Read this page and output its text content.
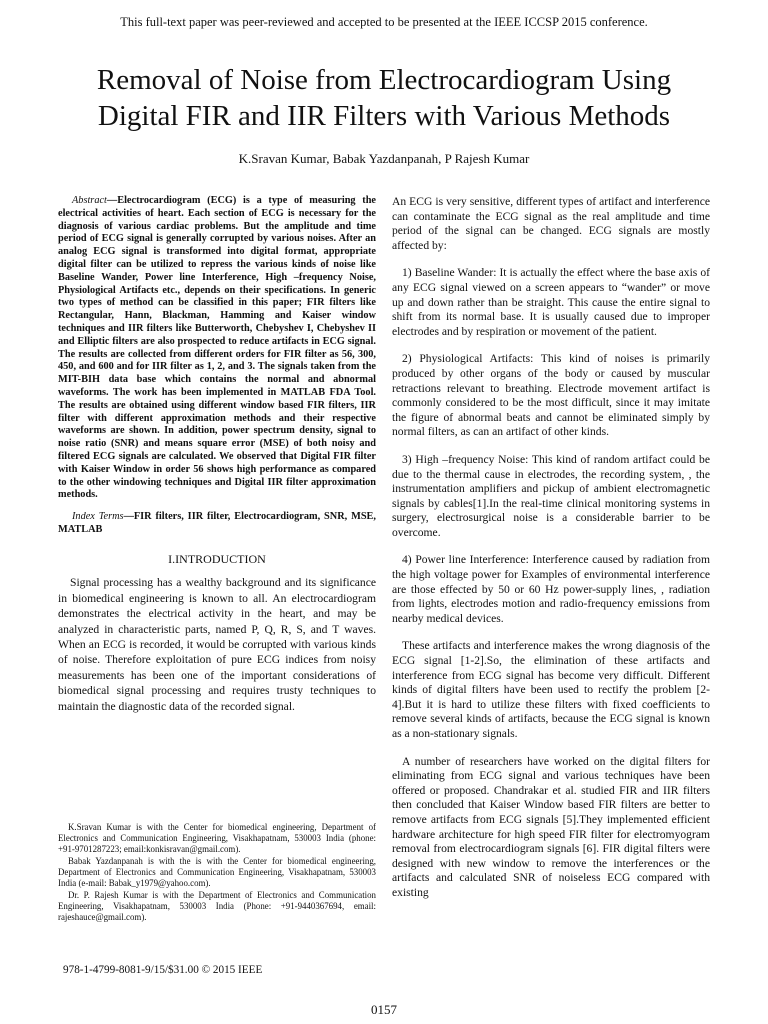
This full-text paper was peer-reviewed and accepted to be presented at the IEEE ICCSP 2015 conference.
Removal of Noise from Electrocardiogram Using
Digital FIR and IIR Filters with Various Methods
K.Sravan Kumar, Babak Yazdanpanah, P Rajesh Kumar

Abstract—Electrocardiogram (ECG) is a type of measuring the electrical activities of heart. Each section of ECG is necessary for the diagnosis of various cardiac problems. But the amplitude and time period of ECG signal is generally corrupted by various noises. After an analog ECG signal is transformed into digital format, appropriate digital filter can be utilized to repress the various kinds of noise like Baseline Wander, Power line Interference, High –frequency Noise, Physiological Artifacts etc., depends on their specifications. In generic two types of method can be classified in this paper; FIR filters like Rectangular, Hann, Blackman, Hamming and Kaiser window techniques and IIR filters like Butterworth, Chebyshev I, Chebyshev II and Elliptic filters are also prospected to reduce artifacts in ECG signal. The results are collected from different orders for FIR filter as 56, 300, 450, and 600 and for IIR filter as 1, 2, and 3. The signals taken from the MIT-BIH data base which contains the normal and abnormal waveforms. The work has been implemented in MATLAB FDA Tool. The results are obtained using different window based FIR filters, IIR filter with different approximation methods and their respective waveforms are shown. In addition, power spectrum density, signal to noise ratio (SNR) and means square error (MSE) of both noisy and filtered ECG signals are calculated. We observed that Digital FIR filter with Kaiser Window in order 56 shows high performance as compared to the other windowing techniques and Digital IIR filter approximation methods.

Index Terms—FIR filters, IIR filter, Electrocardiogram, SNR, MSE, MATLAB

I.INTRODUCTION

Signal processing has a wealthy background and its significance in biomedical engineering is known to all. An electrocardiogram demonstrates the electrical activity in the heart, and may be analyzed in characteristic parts, named P, Q, R, S, and T waves. When an ECG is recorded, it would be corrupted with various kinds of noise. Therefore exploitation of pure ECG indices from noisy measurements has been one of the important considerations of biomedical signal processing and requires trusty techniques to maintain the diagnostic data of the recorded signal.

An ECG is very sensitive, different types of artifact and interference can contaminate the ECG signal as the real amplitude and time period of the signal can be changed. ECG signals are mostly affected by:

1) Baseline Wander: It is actually the effect where the base axis of any ECG signal viewed on a screen appears to “wander” or move up and down rather than be straight. This cause the entire signal to shift from its normal base. It is usually caused due to improper electrodes and by respiration or movement of the patient.

2) Physiological Artifacts: This kind of noises is primarily produced by other organs of the body or caused by muscular retractions relevant to breathing. Electrode movement artifact is commonly considered to be the most difficult, since it may imitate the figure of abnormal beats and cannot be eliminated simply by normal filters, as can an artifact of other kinds.

3) High –frequency Noise: This kind of random artifact could be due to the thermal cause in electrodes, the recording system, , the instrumentation amplifiers and pickup of ambient electromagnetic signals by cables[1].In the real-time clinical monitoring systems in surgery, electrosurgical noise is a considerable barrier to be overcome.

4) Power line Interference: Interference caused by radiation from the high voltage power for Examples of environmental interference are those effected by 50 or 60 Hz power-supply lines, , radiation from lights, electrodes motion and radio-frequency emissions from nearby medical devices.

These artifacts and interference makes the wrong diagnosis of the ECG signal [1-2].So, the elimination of these artifacts and interference from ECG signal has become very difficult. Different kinds of digital filters have been used to rectify the problem [2-4].But it is hard to utilize these filters with fixed coefficients to remove several kinds of artifacts, because the ECG signal is known as a non-stationary signals.

A number of researchers have worked on the digital filters for eliminating from ECG signal and various techniques have been offered or proposed. Chandrakar et al. studied FIR and IIR filters then concluded that Kaiser Window based FIR filters are better to remove artifacts from ECG signals [5].They implemented efficient hardware architecture for high speed FIR filter for electromyogram removal from electrocardiogram signals [6]. FIR digital filters were designed with new window to remove the interferences or the artifacts and calculated SNR of noiseless ECG compared with existing

K.Sravan Kumar is with the Center for biomedical engineering, Department of Electronics and Communication Engineering, Visakhapatnam, 530003 India (phone: +91-9701287223; email:konkisravan@gmail.com).

Babak Yazdanpanah is with the is with the Center for biomedical engineering, Department of Electronics and Communication Engineering, Visakhapatnam, 530003 India (e-mail: Babak_y1979@yahoo.com).

Dr. P. Rajesh Kumar is with the Department of Electronics and Communication Engineering, Visakhapatnam, 530003 India (Phone: +91-9440367694, email: rajeshauce@gmail.com).

978-1-4799-8081-9/15/$31.00 © 2015 IEEE
0157
